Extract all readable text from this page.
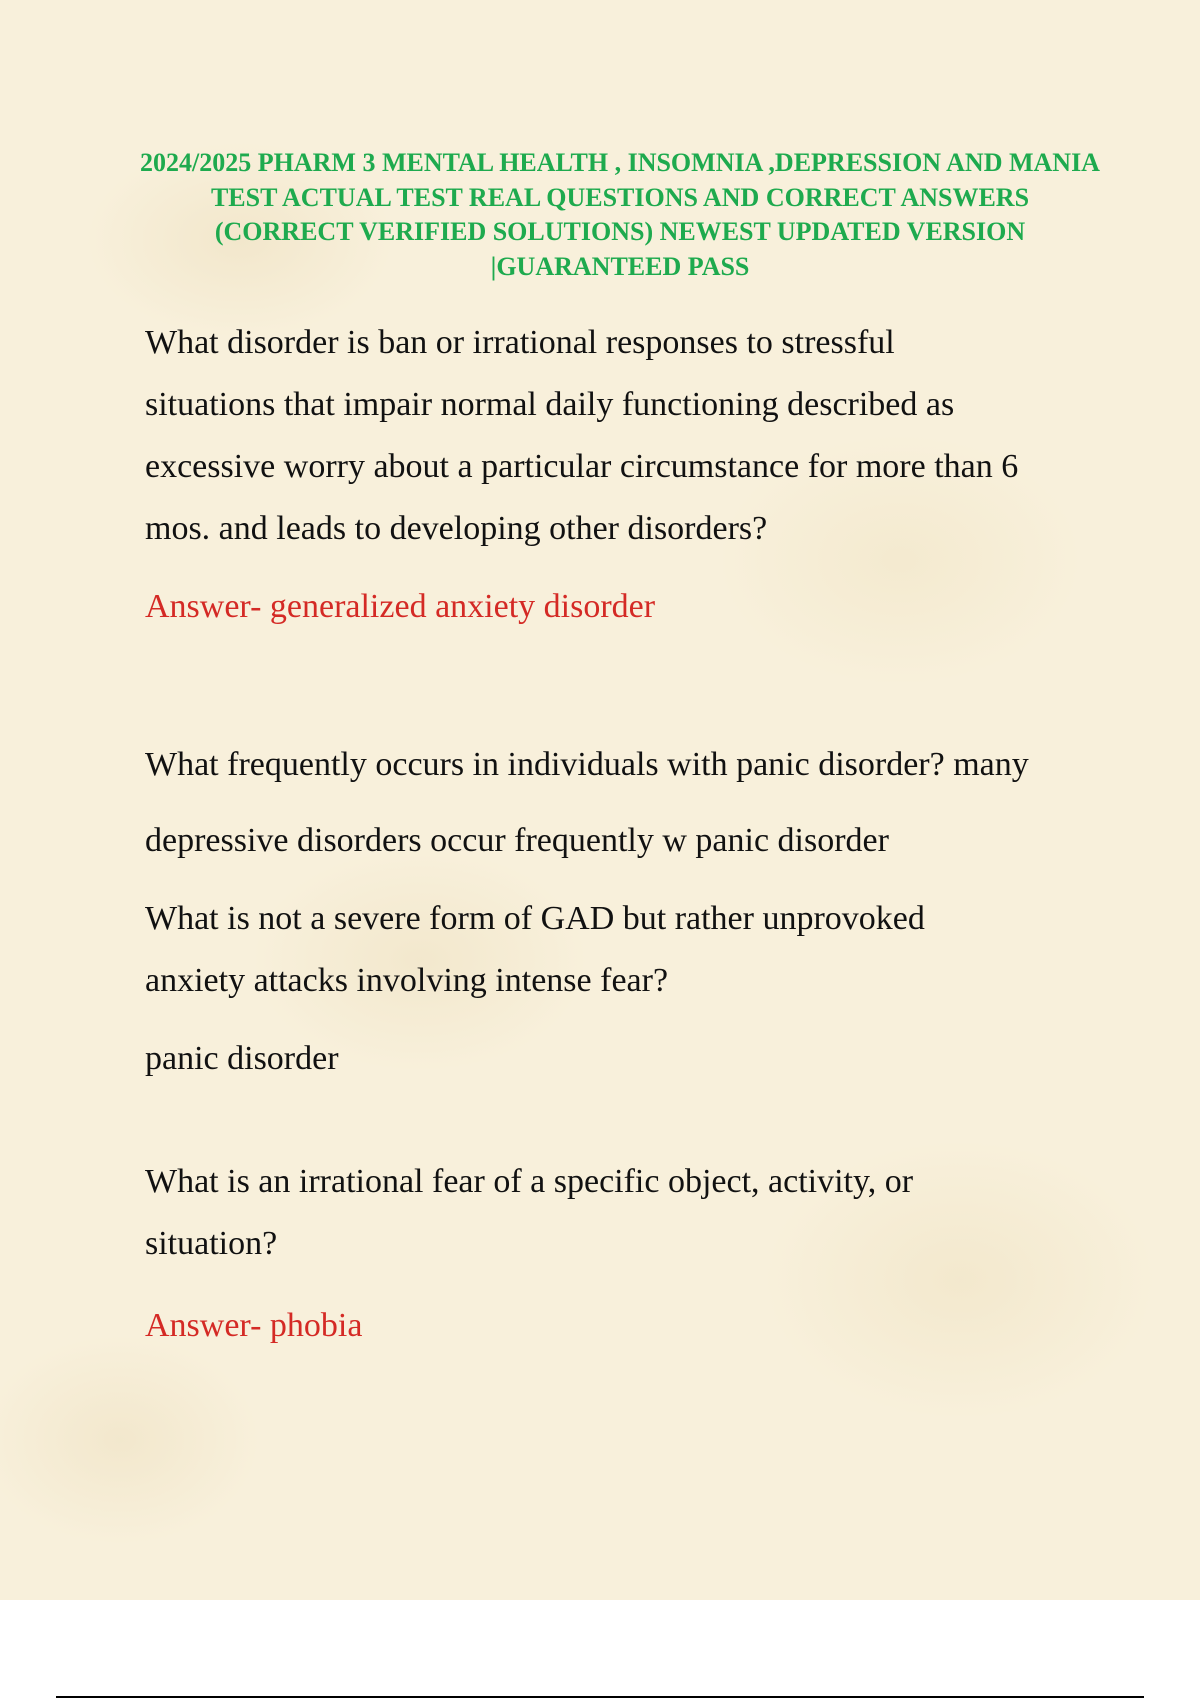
2024/2025 PHARM 3 MENTAL HEALTH , INSOMNIA ,DEPRESSION AND MANIA TEST ACTUAL TEST REAL QUESTIONS AND CORRECT ANSWERS (CORRECT VERIFIED SOLUTIONS) NEWEST UPDATED VERSION |GUARANTEED PASS

What disorder is ban or irrational responses to stressful

situations that impair normal daily functioning described as

excessive worry about a particular circumstance for more than 6

mos. and leads to developing other disorders?

Answer- generalized anxiety disorder

What frequently occurs in individuals with panic disorder? many

depressive disorders occur frequently w panic disorder

What is not a severe form of GAD but rather unprovoked

anxiety attacks involving intense fear?

panic disorder

What is an irrational fear of a specific object, activity, or

situation?

Answer- phobia
